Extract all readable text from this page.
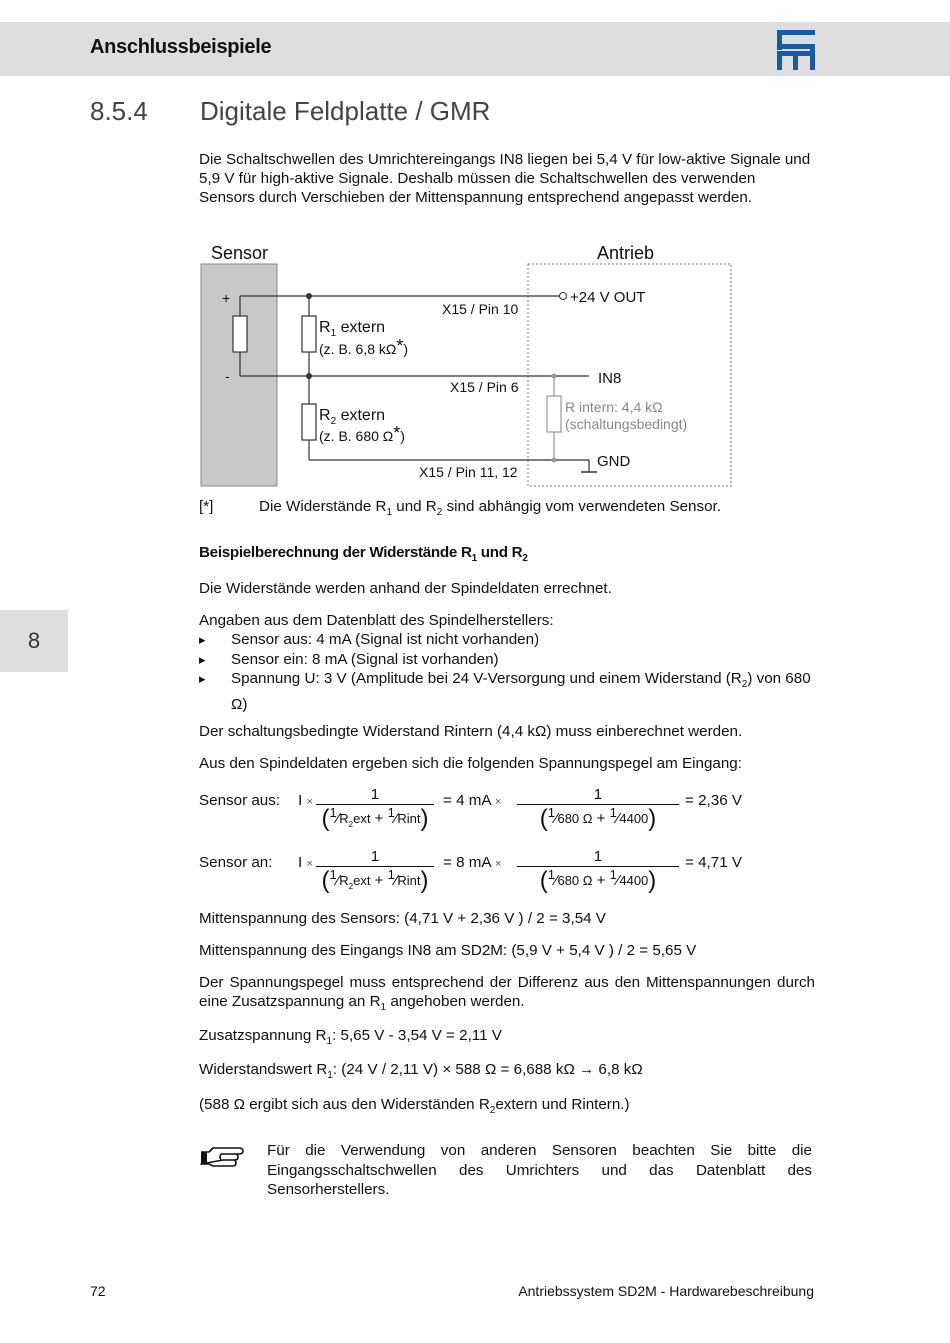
Anschlussbeispiele
8.5.4 Digitale Feldplatte / GMR
Die Schaltschwellen des Umrichtereingangs IN8 liegen bei 5,4 V für low-aktive Signale und 5,9 V für high-aktive Signale. Deshalb müssen die Schaltschwellen des verwenden Sensors durch Verschieben der Mittenspannung entsprechend angepasst werden.
Sensor	Antrieb
+
-
$R_1$ extern
(z. B. 6,8 kΩ*)
$R_2$ extern
(z. B. 680 Ω*)
X15 / Pin 10
X15 / Pin 6
X15 / Pin 11, 12
+24 V OUT
IN8
GND
R intern: 4,4 kΩ
(schaltungsbedingt)
[*]	Die Widerstände $R_1$ und $R_2$ sind abhängig vom verwendeten Sensor.
Beispielberechnung der Widerstände $R_1$ und $R_2$
Die Widerstände werden anhand der Spindeldaten errechnet.
Angaben aus dem Datenblatt des Spindelherstellers:
▸ Sensor aus: 4 mA (Signal ist nicht vorhanden)
▸ Sensor ein: 8 mA (Signal ist vorhanden)
▸ Spannung U: 3 V (Amplitude bei 24 V-Versorgung und einem Widerstand $(R_2)$ von 680 Ω)
Der schaltungsbedingte Widerstand Rintern (4,4 kΩ) muss einberechnet werden.
Aus den Spindeldaten ergeben sich die folgenden Spannungspegel am Eingang:
Sensor aus: I ×	1
($^1⁄R_2ext$ + $^1$⁄Rint)
= 4 mA ×	1
($^1$⁄680 Ω + $^1$⁄4400)
= 2,36 V
Sensor an: I ×	1
($^1⁄R_2ext$ + $^1$⁄Rint)
= 8 mA ×	1
($^1$⁄680 Ω + $^1$⁄4400)
= 4,71 V
Mittenspannung des Sensors: (4,71 V + 2,36 V ) / 2 = 3,54 V
Mittenspannung des Eingangs IN8 am SD2M: (5,9 V + 5,4 V ) / 2 = 5,65 V
Der Spannungspegel muss entsprechend der Differenz aus den Mittenspannungen durch eine Zusatzspannung an $R_1$ angehoben werden.
Zusatzspannung $R_1$: 5,65 V - 3,54 V = 2,11 V
Widerstandswert $R_1$: (24 V / 2,11 V) × 588 Ω = 6,688 kΩ → 6,8 kΩ
(588 Ω ergibt sich aus den Widerständen $R_2extern$ und Rintern.)
Für die Verwendung von anderen Sensoren beachten Sie bitte die Eingangsschaltschwellen des Umrichters und das Datenblatt des Sensorherstellers.
8
72	Antriebssystem SD2M - Hardwarebeschreibung
